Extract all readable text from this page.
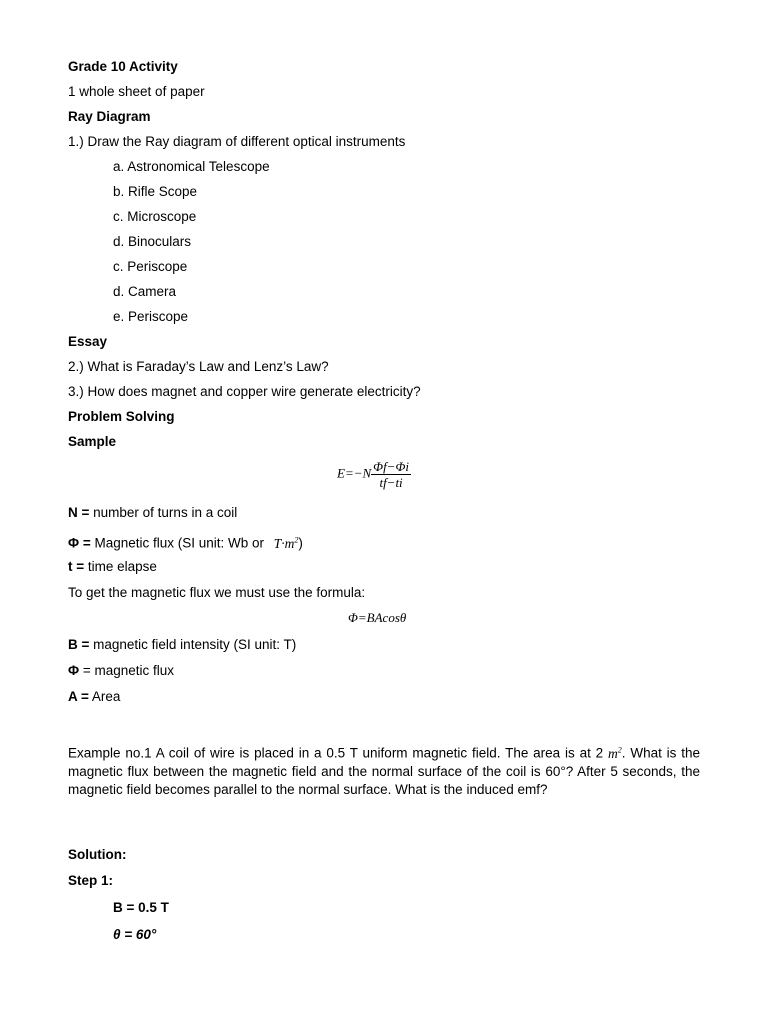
Grade 10 Activity
1 whole sheet of paper
Ray Diagram
1.) Draw the Ray diagram of different optical instruments
a. Astronomical Telescope
b. Rifle Scope
c. Microscope
d. Binoculars
c. Periscope
d. Camera
e. Periscope
Essay
2.) What is Faraday’s Law and Lenz’s Law?
3.) How does magnet and copper wire generate electricity?
Problem Solving
Sample
$E=-N \frac{\Phi f-\Phi i}{tf-ti}$
N = number of turns in a coil
Φ = Magnetic flux (SI unit: Wb or $T\cdot m^2$)
t = time elapse
To get the magnetic flux we must use the formula:
Φ=BAcosθ
B = magnetic field intensity (SI unit: T)
Φ = magnetic flux
A = Area
Example no.1 A coil of wire is placed in a 0.5 T uniform magnetic field. The area is at 2 $m^2$. What is the magnetic flux between the magnetic field and the normal surface of the coil is 60°? After 5 seconds, the magnetic field becomes parallel to the normal surface. What is the induced emf?
Solution:
Step 1:
B = 0.5 T
θ = 60°
